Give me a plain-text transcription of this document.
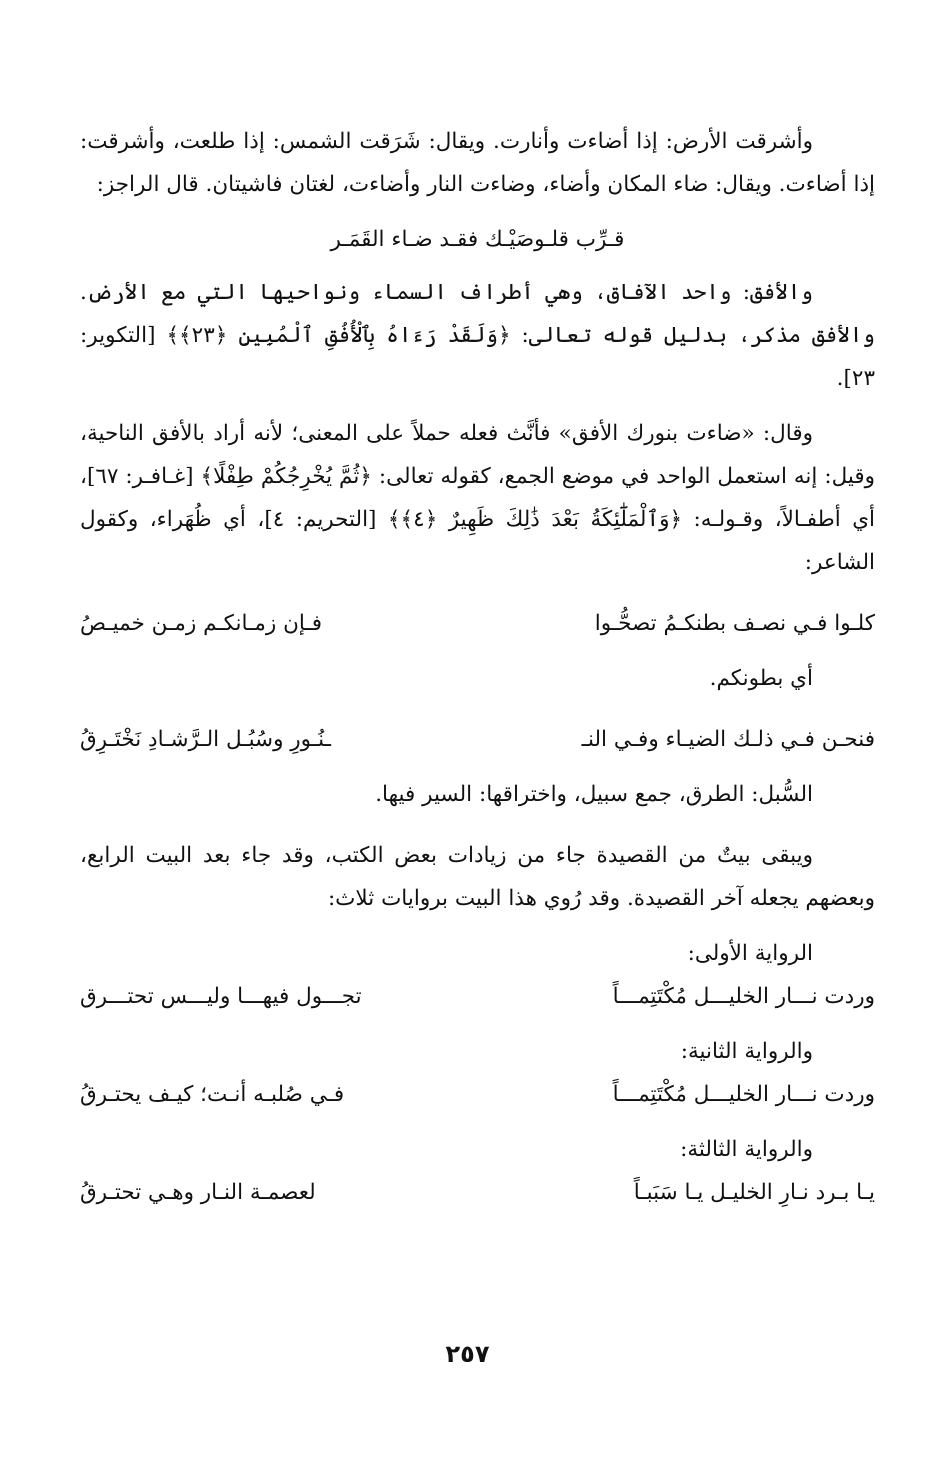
وأشرقت الأرض: إذا أضاءت وأنارت. ويقال: شَرَقت الشمس: إذا طلعت، وأشرقت: إذا أضاءت. ويقال: ضاء المكان وأضاء، وضاءت النار وأضاءت، لغتان فاشيتان. قال الراجز:

قـرِّب قلـوصَيْـك فقـد ضـاء القَمَـر

والأفق: واحد الآفاق، وهي أطراف السماء ونواحيها التي مع الأرض. والأفق مذكر، بدليل قوله تعالى: ﴿وَلَقَدْ رَءَاهُ بِٱلْأُفُقِ ٱلْمُبِينِ ﴿٢٣﴾﴾ [التكوير: ٢٣].

وقال: «ضاءت بنورك الأفق» فأنَّث فعله حملاً على المعنى؛ لأنه أراد بالأفق الناحية، وقيل: إنه استعمل الواحد في موضع الجمع، كقوله تعالى: ﴿ثُمَّ يُخْرِجُكُمْ طِفْلًا﴾ [غـافـر: ٦٧]، أي أطفـالاً، وقـولـه: ﴿وَٱلْمَلَٰٓئِكَةُ بَعْدَ ذَٰلِكَ ظَهِيرٌ ﴿٤﴾﴾ [التحريم: ٤]، أي ظُهَراء، وكقول الشاعر:

كلـوا فـي نصـف بطنكـمُ تصحُّـوا
فـإن زمـانكـم زمـن خميـصُ

أي بطونكم.

فنحـن فـي ذلـك الضيـاء وفـي النـ
ـنُـورِ وسُبُـل الـرَّشـادِ نَخْتَـرِقُ

السُّبل: الطرق، جمع سبيل، واختراقها: السير فيها.

ويبقى بيتٌ من القصيدة جاء من زيادات بعض الكتب، وقد جاء بعد البيت الرابع، وبعضهم يجعله آخر القصيدة. وقد رُوي هذا البيت بروايات ثلاث:

الرواية الأولى:

وردت نـــار الخليـــل مُكْتَتِمـــاً
تجـــول فيهـــا وليـــس تحتـــرق

والرواية الثانية:

وردت نـــار الخليـــل مُكْتَتِمـــاً
فـي صُلبـه أنـت؛ كيـف يحتـرقُ

والرواية الثالثة:

يـا بـرد نـارِ الخليـل يـا سَبَبـاً
لعصمـة النـار وهـي تحتـرقُ
٢٥٧
